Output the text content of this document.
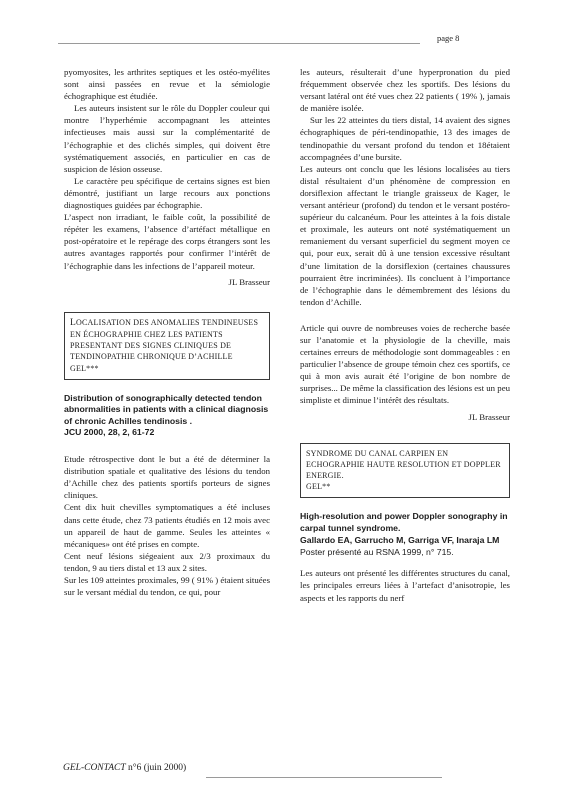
page 8

pyomyosites, les arthrites septiques et les ostéo-myélites sont ainsi passées en revue et la sémiologie échographique est étudiée.

Les auteurs insistent sur le rôle du Doppler couleur qui montre l’hyperhémie accompagnant les atteintes infectieuses mais aussi sur la complémentarité de l’échographie et des clichés simples, qui doivent être systématiquement associés, en particulier en cas de suspicion de lésion osseuse.

Le caractère peu spécifique de certains signes est bien démontré, justifiant un large recours aux ponctions diagnostiques guidées par échographie.

L’aspect non irradiant, le faible coût, la possibilité de répéter les examens, l’absence d’artéfact métallique en post-opératoire et le repérage des corps étrangers sont les autres avantages rapportés pour confirmer l’intérêt de l’échographie dans les infections de l’appareil moteur.

JL Brasseur

LOCALISATION DES ANOMALIES TENDINEUSES EN ÉCHOGRAPHIE CHEZ LES PATIENTS PRESENTANT DES SIGNES CLINIQUES DE TENDINOPATHIE CHRONIQUE D’ACHILLE
GEL***
Distribution of sonographically detected tendon abnormalities in patients with a clinical diagnosis of chronic Achilles tendinosis .
JCU 2000, 28, 2, 61-72

Etude rétrospective dont le but a été de déterminer la distribution spatiale et qualitative des lésions du tendon d’Achille chez des patients sportifs porteurs de signes cliniques.

Cent dix huit chevilles symptomatiques a été incluses dans cette étude, chez 73 patients étudiés en 12 mois avec un appareil de haut de gamme. Seules les atteintes « mécaniques» ont été prises en compte.

Cent neuf lésions siégeaient aux 2/3 proximaux du tendon, 9 au tiers distal et 13 aux 2 sites.

Sur les 109 atteintes proximales, 99 ( 91% ) étaient situées sur le versant médial du tendon, ce qui, pour

les auteurs, résulterait d’une hyperpronation du pied fréquemment observée chez les sportifs. Des lésions du versant latéral ont été vues chez 22 patients ( 19% ), jamais de manière isolée.

Sur les 22 atteintes du tiers distal, 14 avaient des signes échographiques de péri-tendinopathie, 13 des images de tendinopathie du versant profond du tendon et 18étaient accompagnées d’une bursite.

Les auteurs ont conclu que les lésions localisées au tiers distal résultaient d’un phénomène de compression en dorsiflexion affectant le triangle graisseux de Kager, le versant antérieur (profond) du tendon et le versant postéro-supérieur du calcanéum. Pour les atteintes à la fois distale et proximale, les auteurs ont noté systématiquement un remaniement du versant superficiel du segment moyen ce qui, pour eux, serait dû à une tension excessive résultant d’une limitation de la dorsiflexion (certaines chaussures pourraient être incriminées). Ils concluent à l’importance de l’échographie dans le démembrement des lésions du tendon d’Achille.

Article qui ouvre de nombreuses voies de recherche basée sur l’anatomie et la physiologie de la cheville, mais certaines erreurs de méthodologie sont dommageables : en particulier l’absence de groupe témoin chez ces sportifs, ce qui à mon avis aurait été l’origine de bon nombre de surprises... De même la classification des lésions est un peu simpliste et diminue l’intérêt des résultats.

JL Brasseur

SYNDROME DU CANAL CARPIEN EN ECHOGRAPHIE HAUTE RESOLUTION ET DOPPLER ENERGIE.
GEL**
High-resolution and power Doppler sonography in carpal tunnel syndrome.
Gallardo EA, Garrucho M, Garriga VF, Inaraja LM
Poster présenté au RSNA 1999, n° 715.

Les auteurs ont présenté les différentes structures du canal, les principales erreurs liées à l’artefact d’anisotropie, les aspects et les rapports du nerf

GEL-CONTACT n°6 (juin 2000)
